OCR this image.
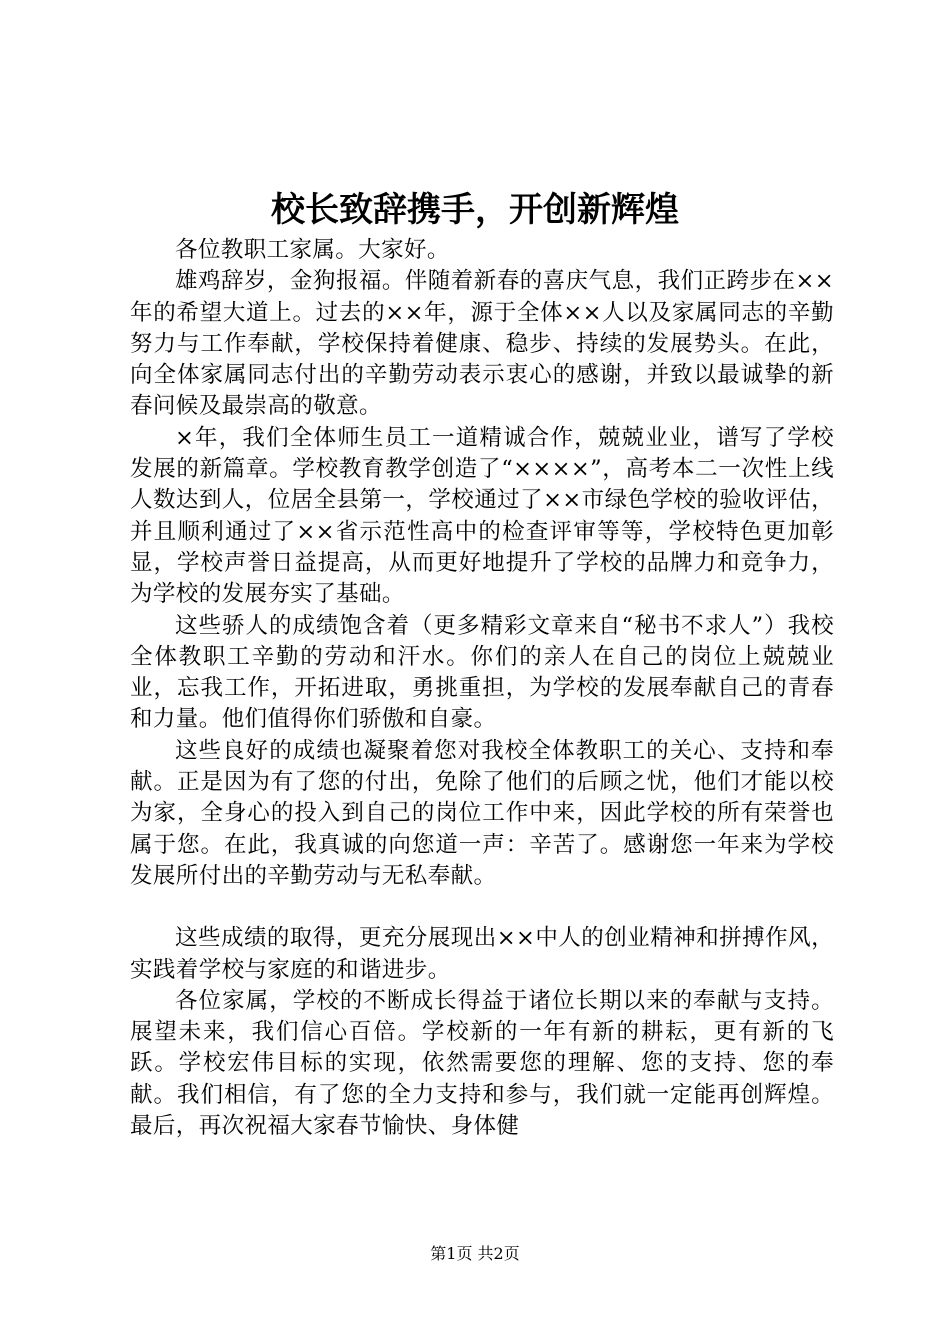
校长致辞携手，开创新辉煌

各位教职工家属。大家好。

雄鸡辞岁，金狗报福。伴随着新春的喜庆气息，我们正跨步在××年的希望大道上。过去的××年，源于全体××人以及家属同志的辛勤努力与工作奉献，学校保持着健康、稳步、持续的发展势头。在此，向全体家属同志付出的辛勤劳动表示衷心的感谢，并致以最诚挚的新春问候及最崇高的敬意。

×年，我们全体师生员工一道精诚合作，兢兢业业，谱写了学校发展的新篇章。学校教育教学创造了“××××”，高考本二一次性上线人数达到人，位居全县第一，学校通过了××市绿色学校的验收评估，并且顺利通过了××省示范性高中的检查评审等等，学校特色更加彰显，学校声誉日益提高，从而更好地提升了学校的品牌力和竞争力，为学校的发展夯实了基础。

这些骄人的成绩饱含着（更多精彩文章来自“秘书不求人”）我校全体教职工辛勤的劳动和汗水。你们的亲人在自己的岗位上兢兢业业，忘我工作，开拓进取，勇挑重担，为学校的发展奉献自己的青春和力量。他们值得你们骄傲和自豪。

这些良好的成绩也凝聚着您对我校全体教职工的关心、支持和奉献。正是因为有了您的付出，免除了他们的后顾之忧，他们才能以校为家，全身心的投入到自己的岗位工作中来，因此学校的所有荣誉也属于您。在此，我真诚的向您道一声：辛苦了。感谢您一年来为学校发展所付出的辛勤劳动与无私奉献。

这些成绩的取得，更充分展现出××中人的创业精神和拼搏作风，实践着学校与家庭的和谐进步。

各位家属，学校的不断成长得益于诸位长期以来的奉献与支持。展望未来，我们信心百倍。学校新的一年有新的耕耘，更有新的飞跃。学校宏伟目标的实现，依然需要您的理解、您的支持、您的奉献。我们相信，有了您的全力支持和参与，我们就一定能再创辉煌。最后，再次祝福大家春节愉快、身体健

第1页 共2页
